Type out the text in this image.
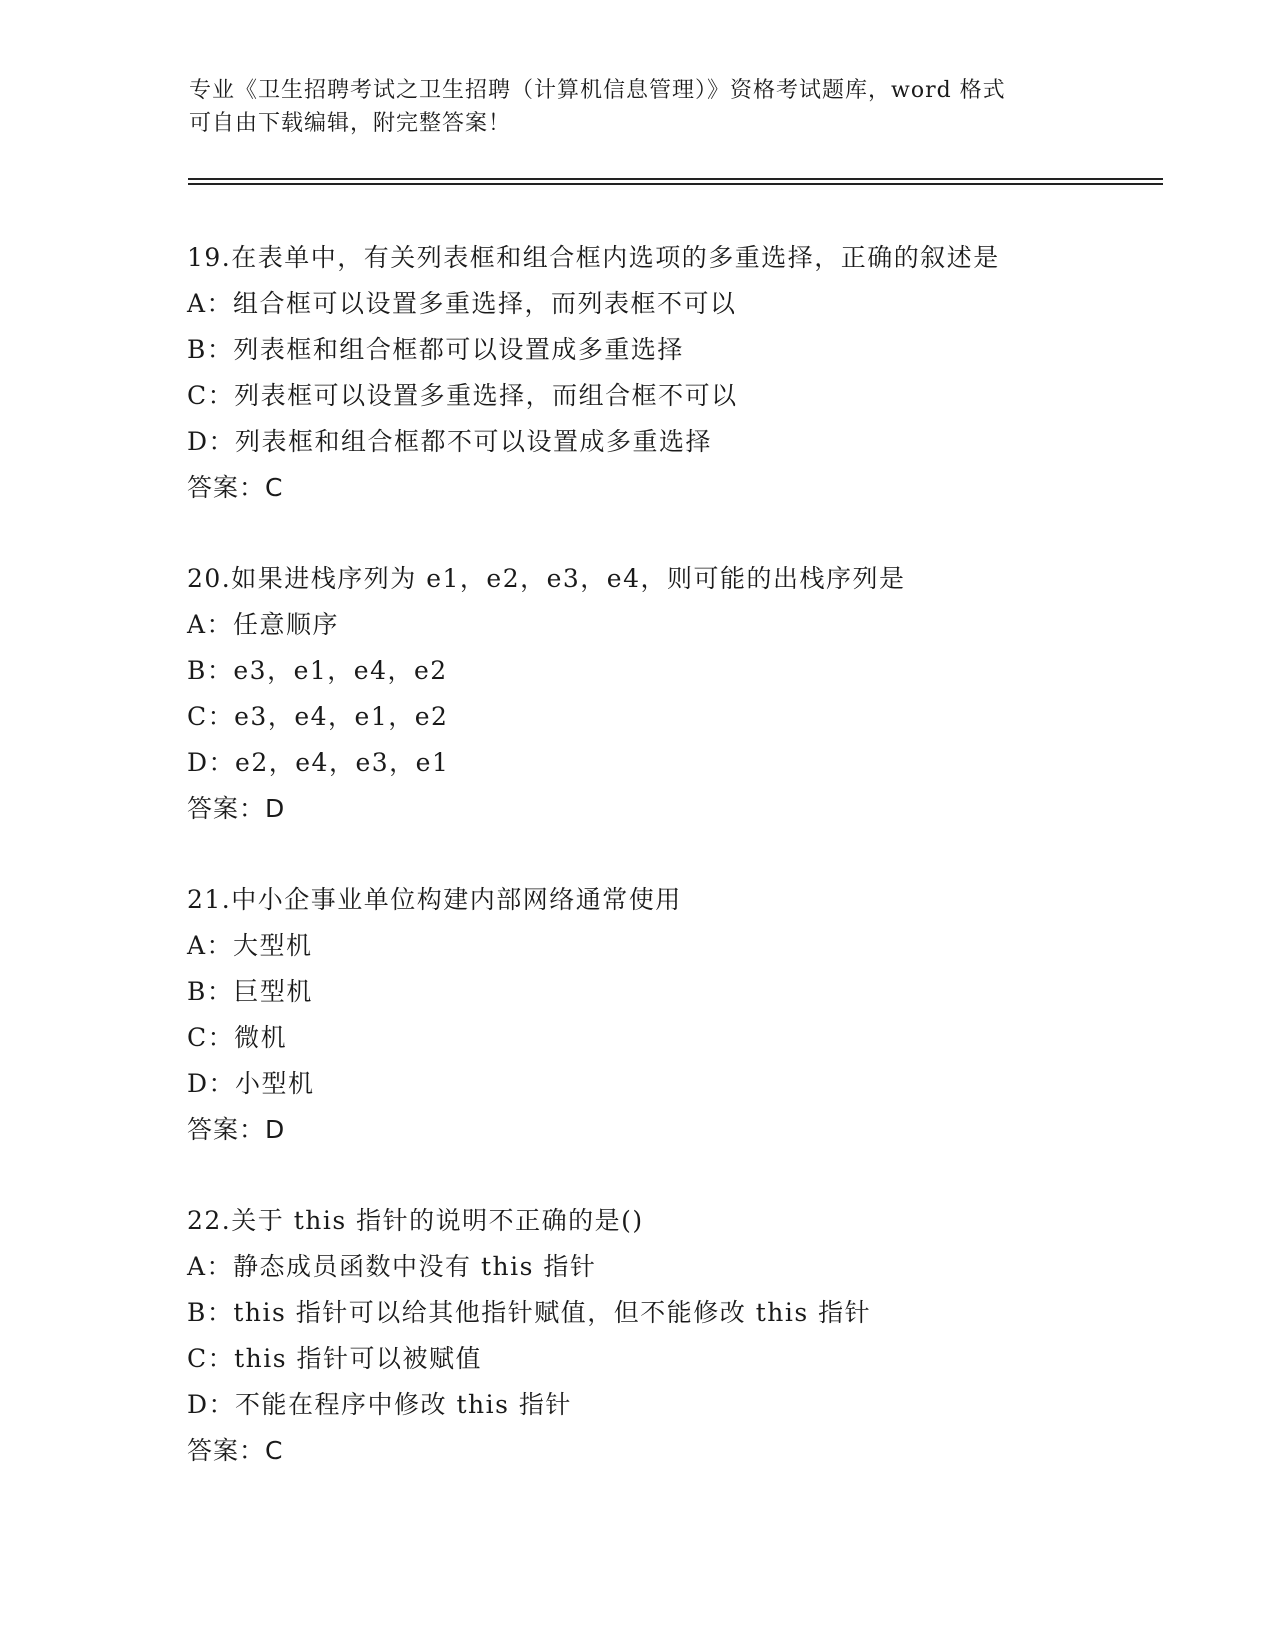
专业《卫生招聘考试之卫生招聘（计算机信息管理）》资格考试题库，word 格式
可自由下载编辑，附完整答案！
19.在表单中，有关列表框和组合框内选项的多重选择，正确的叙述是
A：组合框可以设置多重选择，而列表框不可以
B：列表框和组合框都可以设置成多重选择
C：列表框可以设置多重选择，而组合框不可以
D：列表框和组合框都不可以设置成多重选择
答案：C
20.如果进栈序列为 e1，e2，e3，e4，则可能的出栈序列是
A：任意顺序
B：e3，e1，e4，e2
C：e3，e4，e1，e2
D：e2，e4，e3，e1
答案：D
21.中小企事业单位构建内部网络通常使用
A：大型机
B：巨型机
C：微机
D：小型机
答案：D
22.关于 this 指针的说明不正确的是()
A：静态成员函数中没有 this 指针
B：this 指针可以给其他指针赋值，但不能修改 this 指针
C：this 指针可以被赋值
D：不能在程序中修改 this 指针
答案：C
